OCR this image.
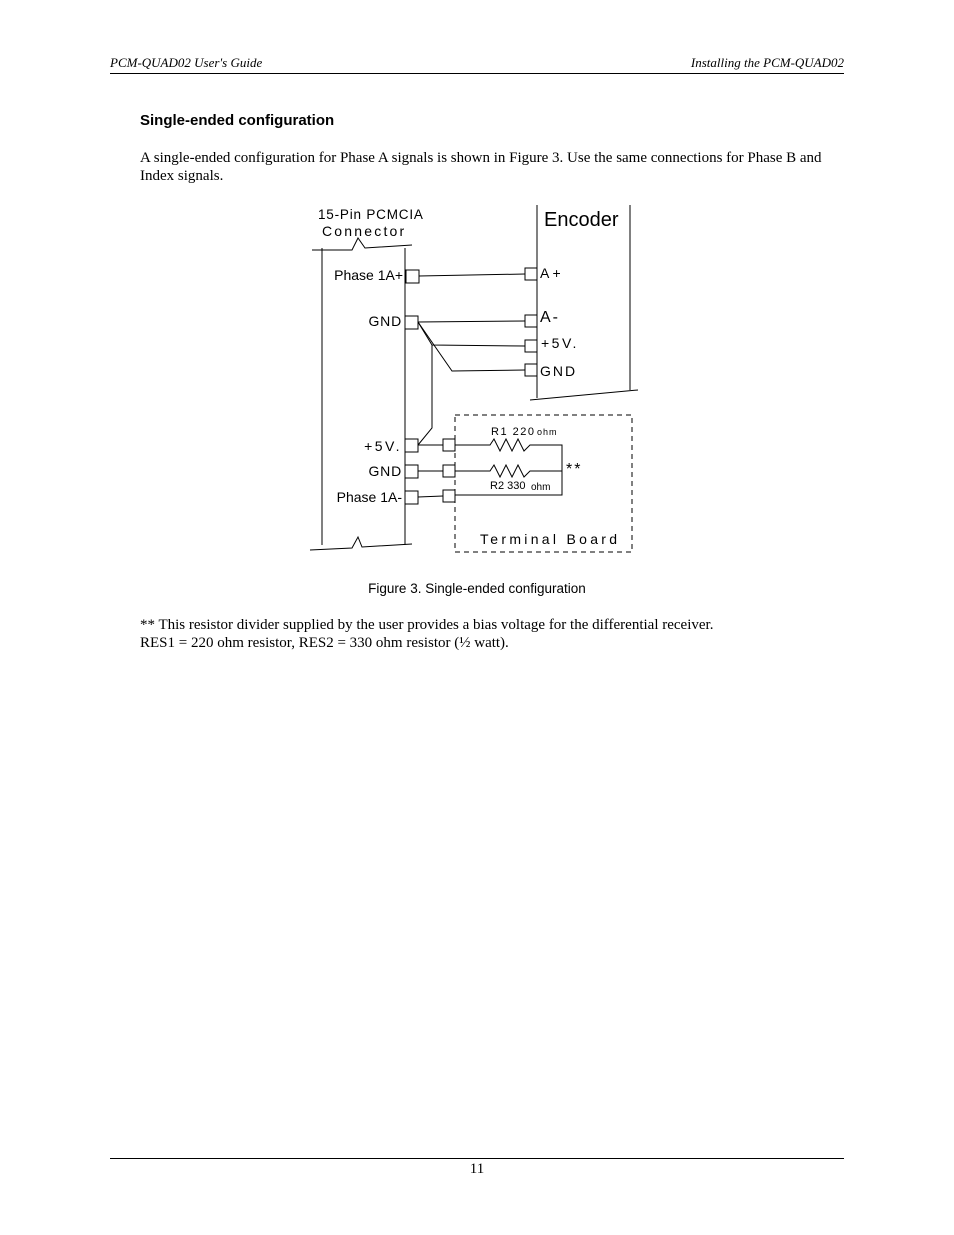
PCM-QUAD02 User's Guide	Installing the PCM-QUAD02
Single-ended configuration
A single-ended configuration for Phase A signals is shown in Figure 3. Use the same connections for Phase B and Index signals.
15-Pin PCMCIA
Connector	Encoder
Phase 1A+
GND
+5V.
GND
Phase 1A-
A +
A-
+5V.
GND
R1 220 ohm
R2 330 ohm
**
Terminal Board
Figure 3. Single-ended configuration
** This resistor divider supplied by the user provides a bias voltage for the differential receiver.
RES1 = 220 ohm resistor, RES2 = 330 ohm resistor (½ watt).
11
